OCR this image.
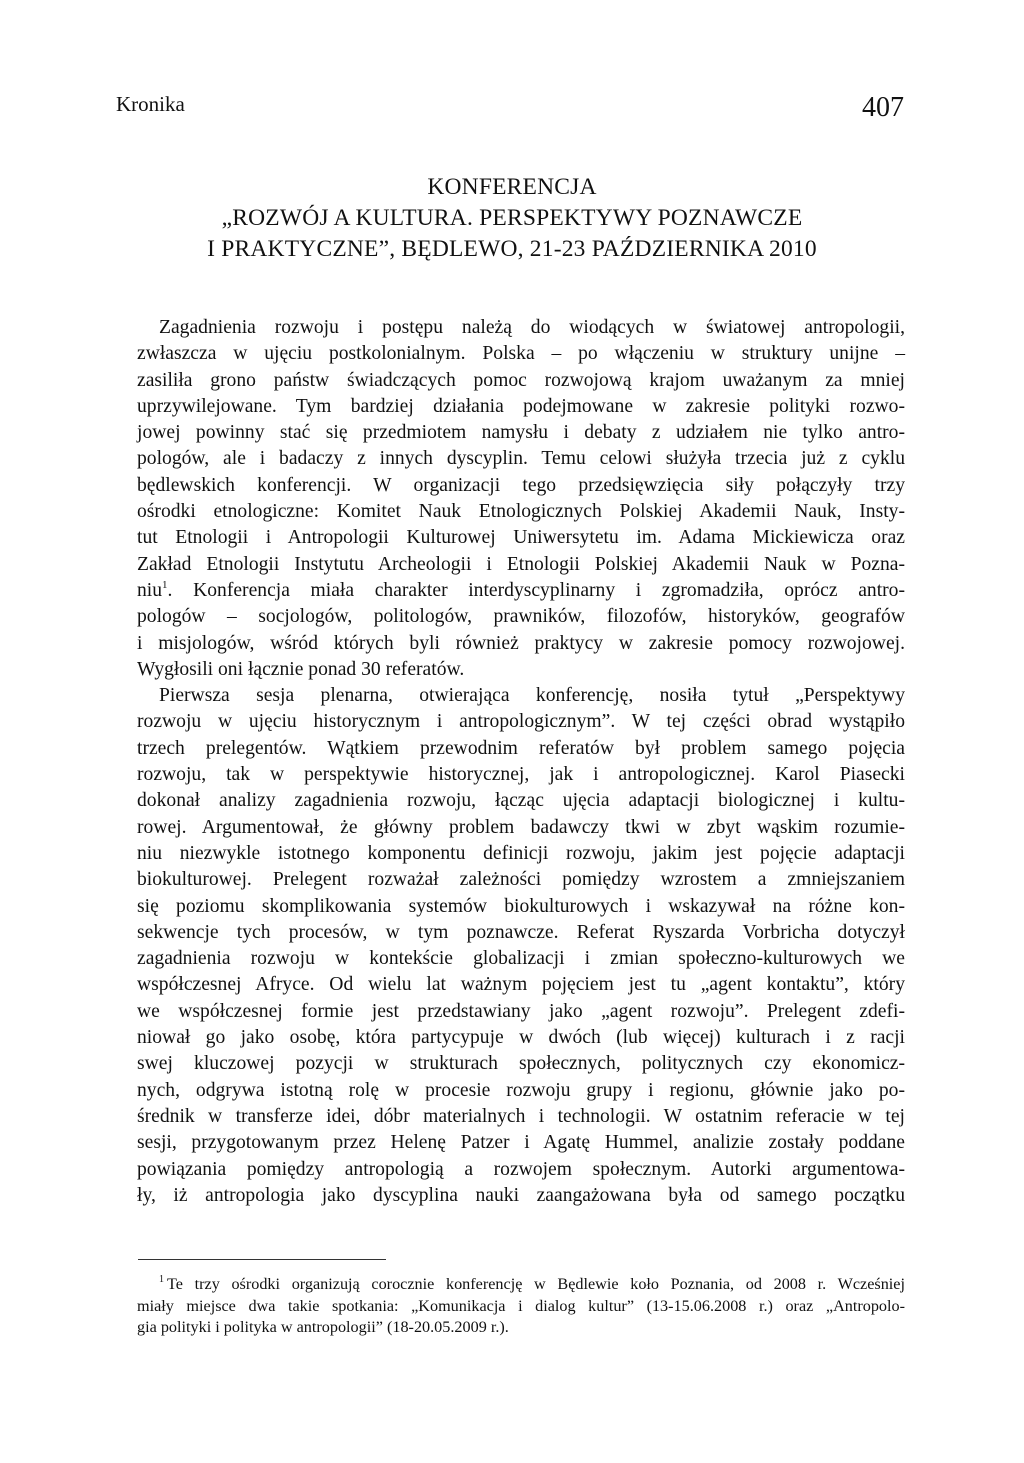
Kronika	407
KONFERENCJA
„ROZWÓJ A KULTURA. PERSPEKTYWY POZNAWCZE
I PRAKTYCZNE”, BĘDLEWO, 21-23 PAŹDZIERNIKA 2010
Zagadnienia rozwoju i postępu należą do wiodących w światowej antropologii,
zwłaszcza w ujęciu postkolonialnym. Polska – po włączeniu w struktury unijne –
zasiliła grono państw świadczących pomoc rozwojową krajom uważanym za mniej
uprzywilejowane. Tym bardziej działania podejmowane w zakresie polityki rozwo-
jowej powinny stać się przedmiotem namysłu i debaty z udziałem nie tylko antro-
pologów, ale i badaczy z innych dyscyplin. Temu celowi służyła trzecia już z cyklu
będlewskich konferencji. W organizacji tego przedsięwzięcia siły połączyły trzy
ośrodki etnologiczne: Komitet Nauk Etnologicznych Polskiej Akademii Nauk, Insty-
tut Etnologii i Antropologii Kulturowej Uniwersytetu im. Adama Mickiewicza oraz
Zakład Etnologii Instytutu Archeologii i Etnologii Polskiej Akademii Nauk w Pozna-
niu$^1$. Konferencja miała charakter interdyscyplinarny i zgromadziła, oprócz antro-
pologów – socjologów, politologów, prawników, filozofów, historyków, geografów
i misjologów, wśród których byli również praktycy w zakresie pomocy rozwojowej.
Wygłosili oni łącznie ponad 30 referatów.
Pierwsza sesja plenarna, otwierająca konferencję, nosiła tytuł „Perspektywy
rozwoju w ujęciu historycznym i antropologicznym”. W tej części obrad wystąpiło
trzech prelegentów. Wątkiem przewodnim referatów był problem samego pojęcia
rozwoju, tak w perspektywie historycznej, jak i antropologicznej. Karol Piasecki
dokonał analizy zagadnienia rozwoju, łącząc ujęcia adaptacji biologicznej i kultu-
rowej. Argumentował, że główny problem badawczy tkwi w zbyt wąskim rozumie-
niu niezwykle istotnego komponentu definicji rozwoju, jakim jest pojęcie adaptacji
biokulturowej. Prelegent rozważał zależności pomiędzy wzrostem a zmniejszaniem
się poziomu skomplikowania systemów biokulturowych i wskazywał na różne kon-
sekwencje tych procesów, w tym poznawcze. Referat Ryszarda Vorbricha dotyczył
zagadnienia rozwoju w kontekście globalizacji i zmian społeczno-kulturowych we
współczesnej Afryce. Od wielu lat ważnym pojęciem jest tu „agent kontaktu”, który
we współczesnej formie jest przedstawiany jako „agent rozwoju”. Prelegent zdefi-
niował go jako osobę, która partycypuje w dwóch (lub więcej) kulturach i z racji
swej kluczowej pozycji w strukturach społecznych, politycznych czy ekonomicz-
nych, odgrywa istotną rolę w procesie rozwoju grupy i regionu, głównie jako po-
średnik w transferze idei, dóbr materialnych i technologii. W ostatnim referacie w tej
sesji, przygotowanym przez Helenę Patzer i Agatę Hummel, analizie zostały poddane
powiązania pomiędzy antropologią a rozwojem społecznym. Autorki argumentowa-
ły, iż antropologia jako dyscyplina nauki zaangażowana była od samego początku
$^1$ Te trzy ośrodki organizują corocznie konferencję w Będlewie koło Poznania, od 2008 r. Wcześniej
miały miejsce dwa takie spotkania: „Komunikacja i dialog kultur” (13-15.06.2008 r.) oraz „Antropolo-
gia polityki i polityka w antropologii” (18-20.05.2009 r.).
